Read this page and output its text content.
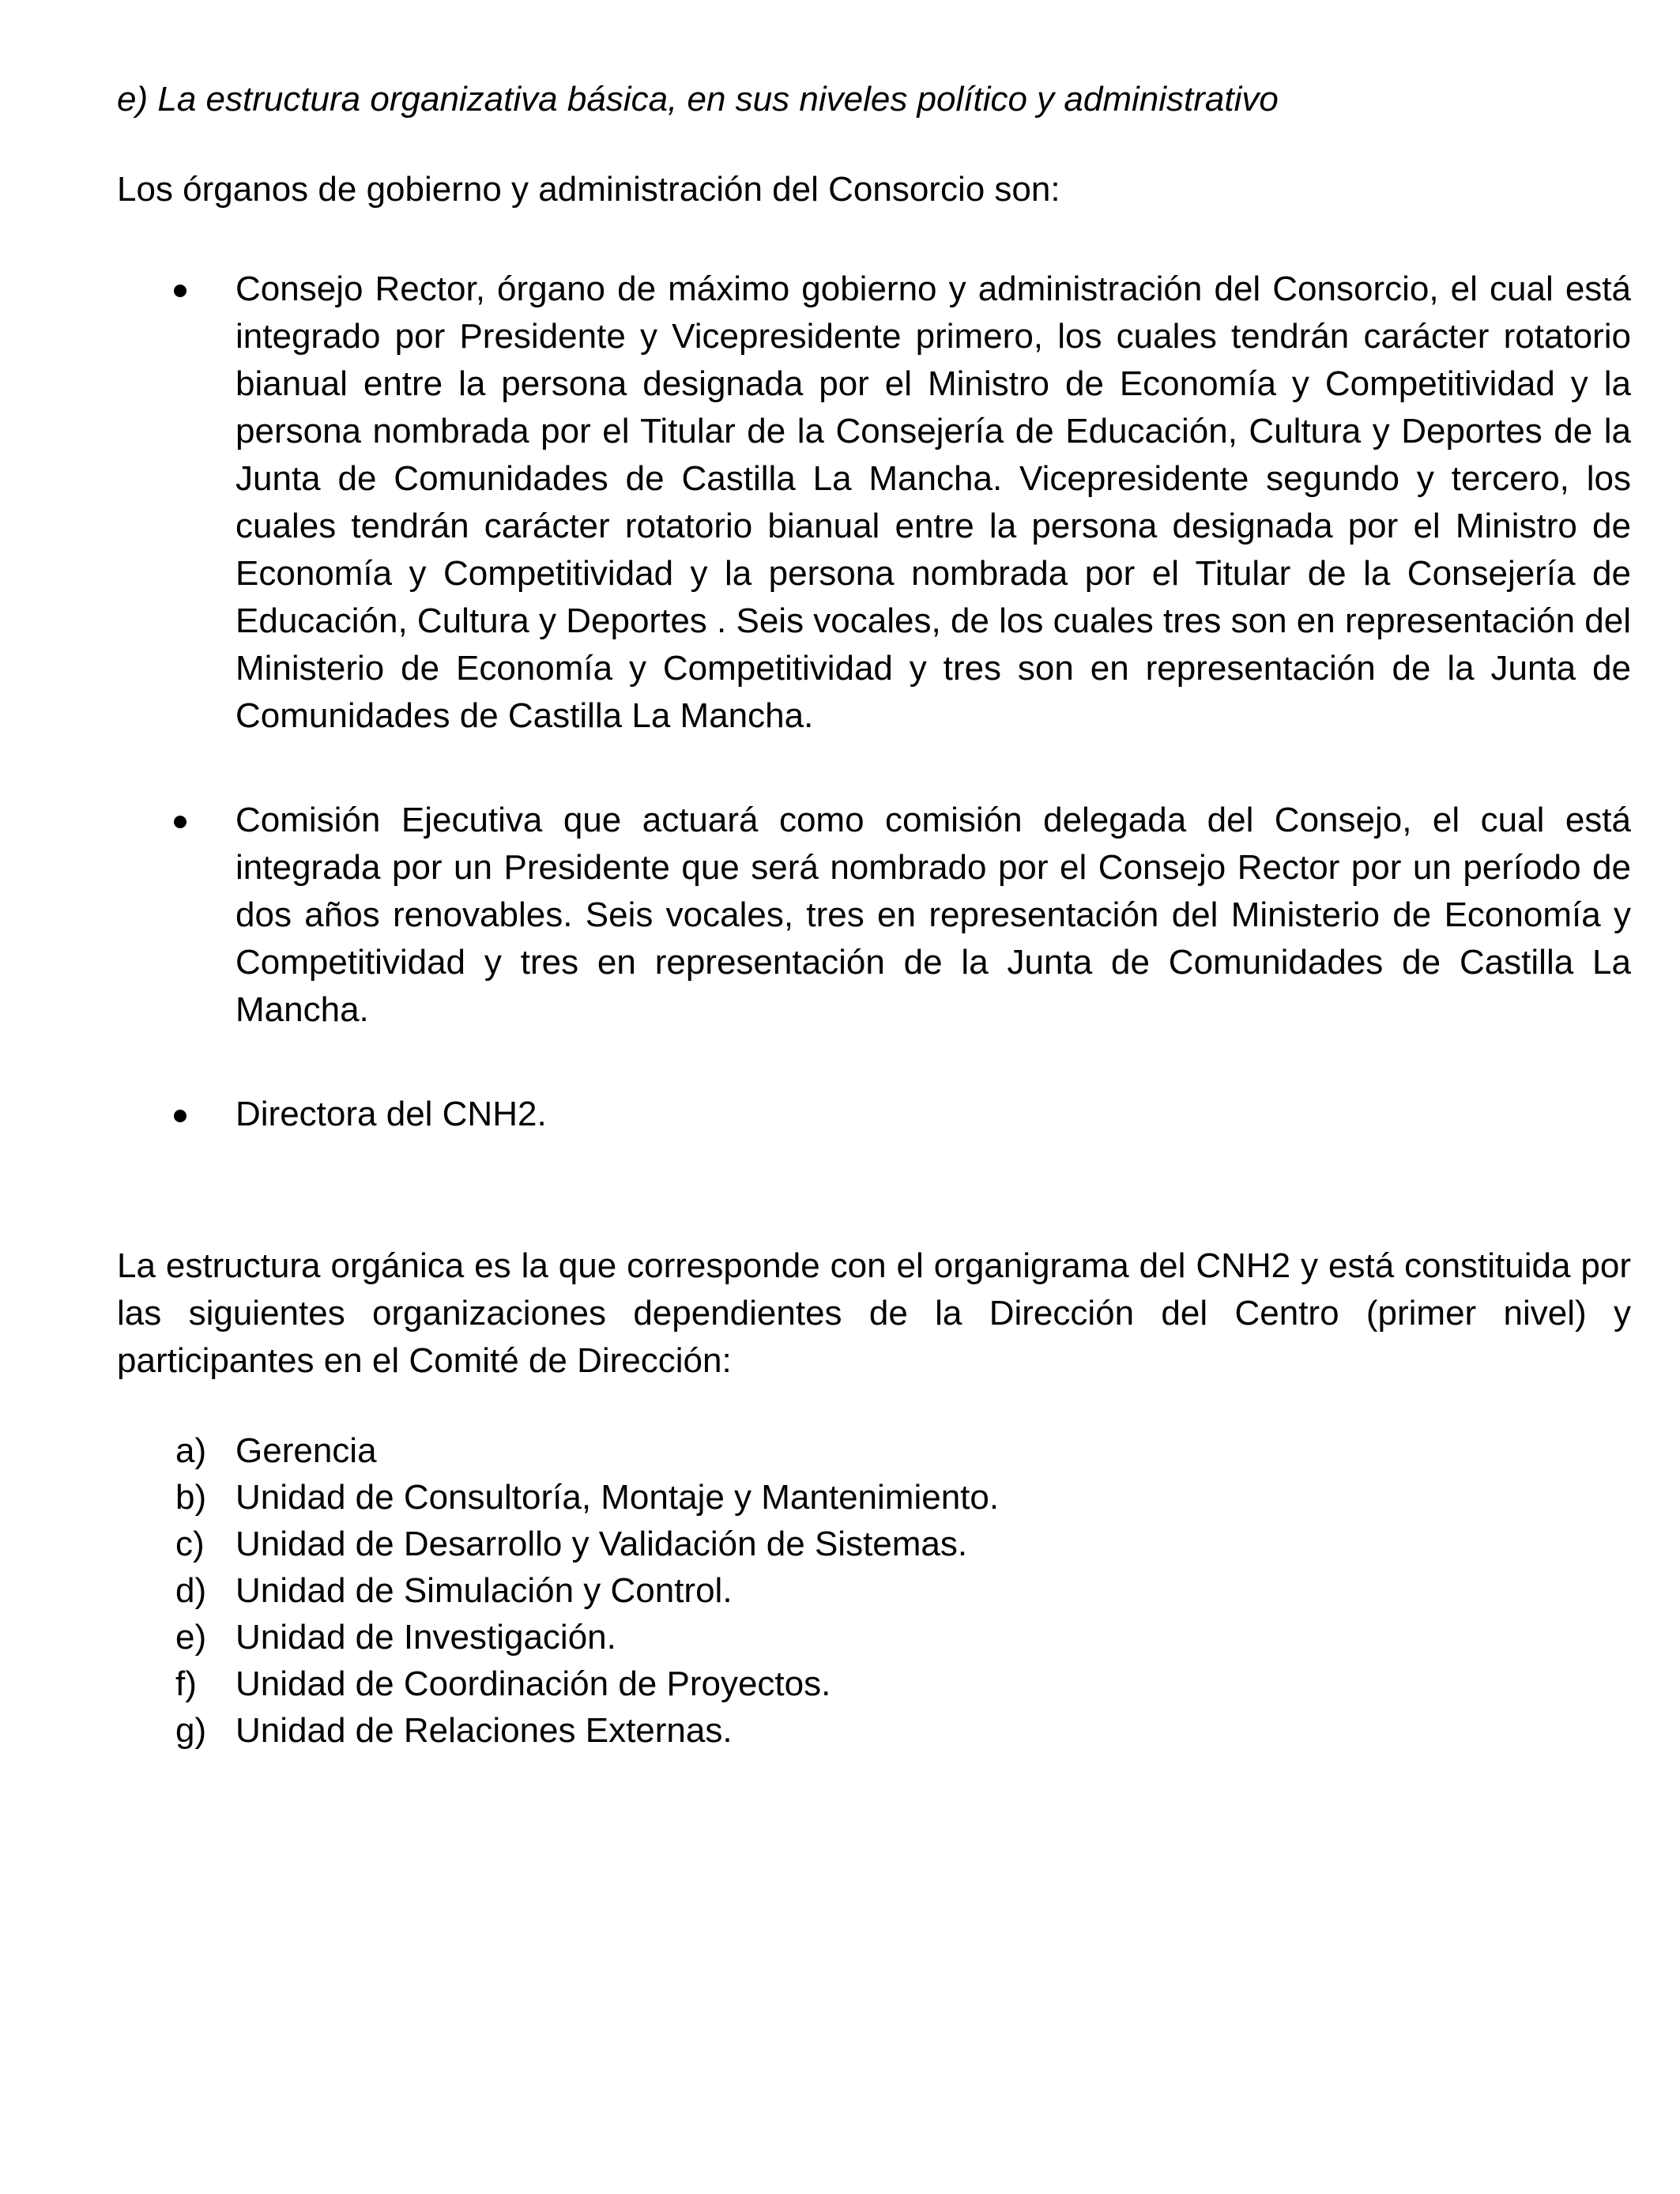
e) La estructura organizativa básica, en sus niveles político y administrativo

Los órganos de gobierno y administración del Consorcio son:

Consejo Rector, órgano de máximo gobierno y administración del Consorcio, el cual está integrado por Presidente y Vicepresidente primero, los cuales tendrán carácter rotatorio bianual entre la persona designada por el Ministro de Economía y Competitividad y la persona nombrada por el Titular de la Consejería de Educación, Cultura y Deportes de la Junta de Comunidades de Castilla La Mancha. Vicepresidente segundo y tercero, los cuales tendrán carácter rotatorio bianual entre la persona designada por el Ministro de Economía y Competitividad y la persona nombrada por el Titular de la Consejería de Educación, Cultura y Deportes . Seis vocales, de los cuales tres son en representación del Ministerio de Economía y Competitividad y tres son en representación de la Junta de Comunidades de Castilla La Mancha.
Comisión Ejecutiva que actuará como comisión delegada del Consejo, el cual está integrada por un Presidente que será nombrado por el Consejo Rector por un período de dos años renovables. Seis vocales, tres en representación del Ministerio de Economía y Competitividad y tres en representación de la Junta de Comunidades de Castilla La Mancha.
Directora del CNH2.

La estructura orgánica es la que corresponde con el organigrama del CNH2 y está constituida por las siguientes organizaciones dependientes de la Dirección del Centro (primer nivel) y participantes en el Comité de Dirección:

a) Gerencia
b) Unidad de Consultoría, Montaje y Mantenimiento.
c) Unidad de Desarrollo y Validación de Sistemas.
d) Unidad de Simulación y Control.
e) Unidad de Investigación.
f) Unidad de Coordinación de Proyectos.
g) Unidad de Relaciones Externas.
